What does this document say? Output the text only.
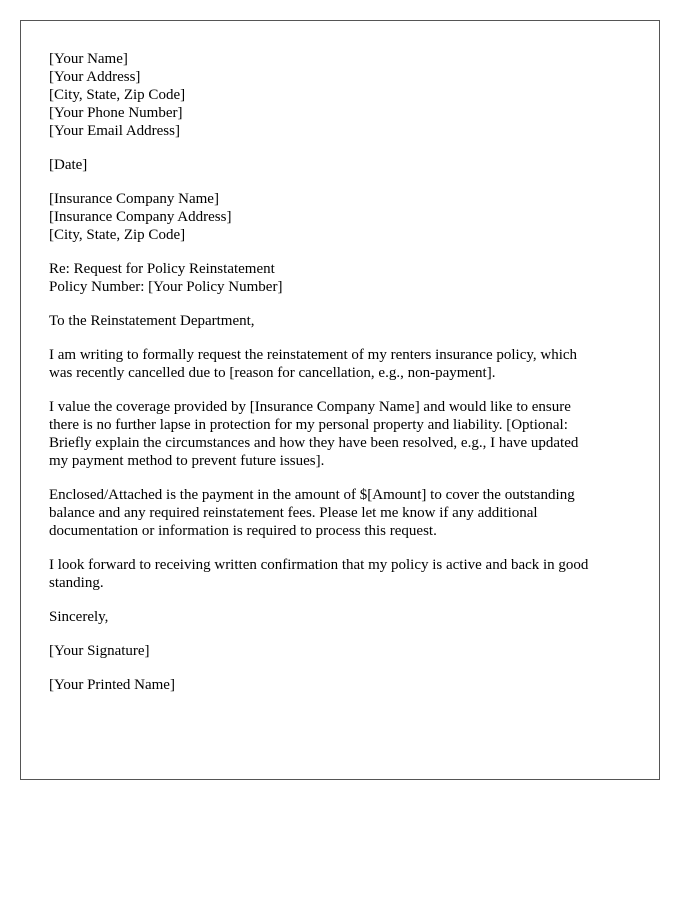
[Your Name]
[Your Address]
[City, State, Zip Code]
[Your Phone Number]
[Your Email Address]
[Date]
[Insurance Company Name]
[Insurance Company Address]
[City, State, Zip Code]
Re: Request for Policy Reinstatement
Policy Number: [Your Policy Number]
To the Reinstatement Department,
I am writing to formally request the reinstatement of my renters insurance policy, which
was recently cancelled due to [reason for cancellation, e.g., non-payment].
I value the coverage provided by [Insurance Company Name] and would like to ensure
there is no further lapse in protection for my personal property and liability. [Optional:
Briefly explain the circumstances and how they have been resolved, e.g., I have updated
my payment method to prevent future issues].
Enclosed/Attached is the payment in the amount of $[Amount] to cover the outstanding
balance and any required reinstatement fees. Please let me know if any additional
documentation or information is required to process this request.
I look forward to receiving written confirmation that my policy is active and back in good
standing.
Sincerely,
[Your Signature]
[Your Printed Name]
